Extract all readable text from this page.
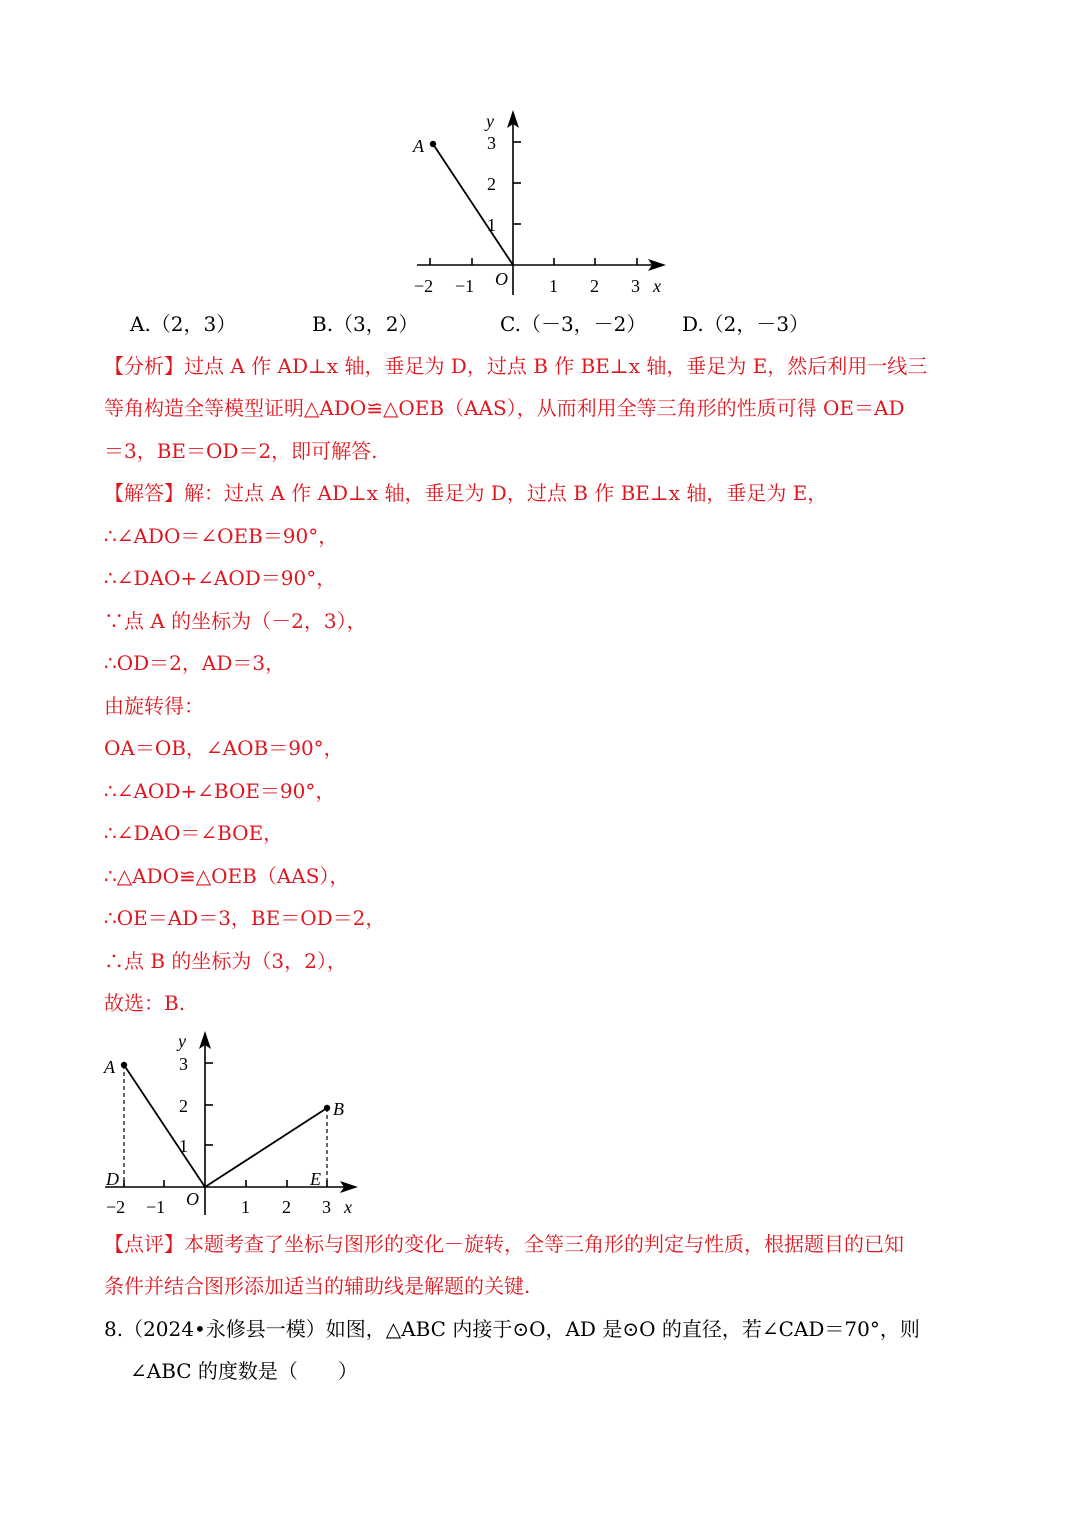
y
A	3
2
1
O
−2 −1	1 2 3 x
A.（2，3）	B.（3，2）	C.（－3，－2） D.（2，－3）
【分析】过点 A 作 AD⊥x 轴，垂足为 D，过点 B 作 BE⊥x 轴，垂足为 E，然后利用一线三
等角构造全等模型证明△ADO≌△OEB（AAS），从而利用全等三角形的性质可得 OE＝AD
＝3，BE＝OD＝2，即可解答.
【解答】解：过点 A 作 AD⊥x 轴，垂足为 D，过点 B 作 BE⊥x 轴，垂足为 E，
∴∠ADO＝∠OEB＝90°，
∴∠DAO+∠AOD＝90°，
∵点 A 的坐标为（－2，3），
∴OD＝2，AD＝3，
由旋转得：
OA＝OB，∠AOB＝90°，
∴∠AOD+∠BOE＝90°，
∴∠DAO＝∠BOE，
∴△ADO≌△OEB（AAS），
∴OE＝AD＝3，BE＝OD＝2，
∴点 B 的坐标为（3，2），
故选：B.
y
A
B
D	E
3
2
1
O
−2 −1	1 2 3 x
【点评】本题考查了坐标与图形的变化－旋转，全等三角形的判定与性质，根据题目的已知
条件并结合图形添加适当的辅助线是解题的关键.
8.（2024•永修县一模）如图，△ABC 内接于⊙O，AD 是⊙O 的直径，若∠CAD＝70°，则
∠ABC 的度数是（　　）
